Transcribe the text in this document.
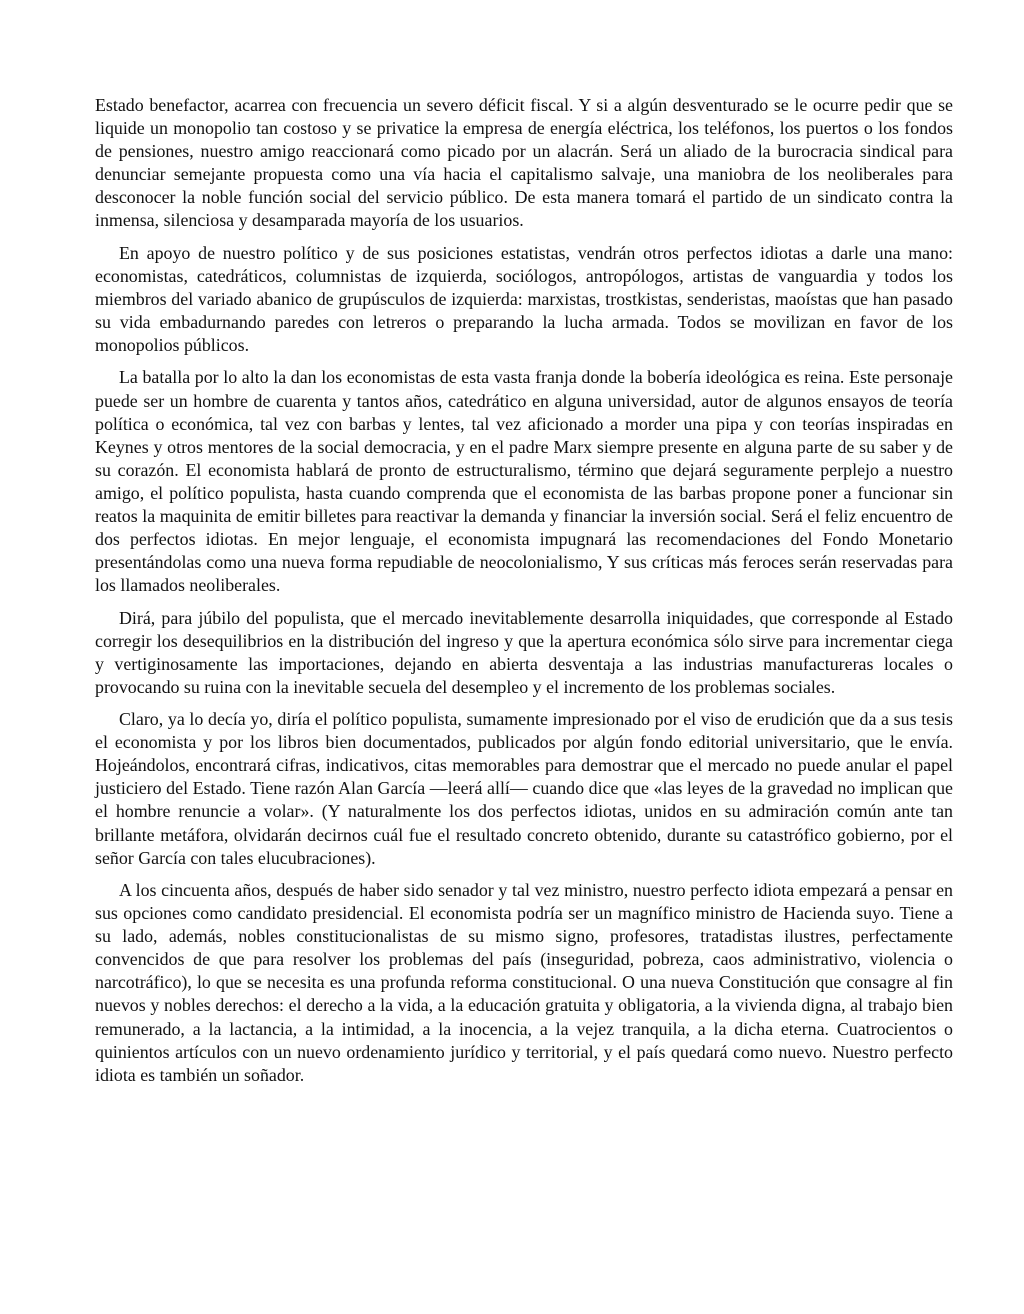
Estado benefactor, acarrea con frecuencia un severo déficit fiscal. Y si a algún desventurado se le ocurre pedir que se liquide un monopolio tan costoso y se privatice la empresa de energía eléctrica, los teléfonos, los puertos o los fondos de pensiones, nuestro amigo reaccionará como picado por un alacrán. Será un aliado de la burocracia sindical para denunciar semejante propuesta como una vía hacia el capitalismo salvaje, una maniobra de los neoliberales para desconocer la noble función social del servicio público. De esta manera tomará el partido de un sindicato contra la inmensa, silenciosa y desamparada mayoría de los usuarios.

En apoyo de nuestro político y de sus posiciones estatistas, vendrán otros perfectos idiotas a darle una mano: economistas, catedráticos, columnistas de izquierda, sociólogos, antropólogos, artistas de vanguardia y todos los miembros del variado abanico de grupúsculos de izquierda: marxistas, trostkistas, senderistas, maoístas que han pasado su vida embadurnando paredes con letreros o preparando la lucha armada. Todos se movilizan en favor de los monopolios públicos.

La batalla por lo alto la dan los economistas de esta vasta franja donde la bobería ideológica es reina. Este personaje puede ser un hombre de cuarenta y tantos años, catedrático en alguna universidad, autor de algunos ensayos de teoría política o económica, tal vez con barbas y lentes, tal vez aficionado a morder una pipa y con teorías inspiradas en Keynes y otros mentores de la social democracia, y en el padre Marx siempre presente en alguna parte de su saber y de su corazón. El economista hablará de pronto de estructuralismo, término que dejará seguramente perplejo a nuestro amigo, el político populista, hasta cuando comprenda que el economista de las barbas propone poner a funcionar sin reatos la maquinita de emitir billetes para reactivar la demanda y financiar la inversión social. Será el feliz encuentro de dos perfectos idiotas. En mejor lenguaje, el economista impugnará las recomendaciones del Fondo Monetario presentándolas como una nueva forma repudiable de neocolonialismo, Y sus críticas más feroces serán reservadas para los llamados neoliberales.

Dirá, para júbilo del populista, que el mercado inevitablemente desarrolla iniquidades, que corresponde al Estado corregir los desequilibrios en la distribución del ingreso y que la apertura económica sólo sirve para incrementar ciega y vertiginosamente las importaciones, dejando en abierta desventaja a las industrias manufactureras locales o provocando su ruina con la inevitable secuela del desempleo y el incremento de los problemas sociales.

Claro, ya lo decía yo, diría el político populista, sumamente impresionado por el viso de erudición que da a sus tesis el economista y por los libros bien documentados, publicados por algún fondo editorial universitario, que le envía. Hojeándolos, encontrará cifras, indicativos, citas memorables para demostrar que el mercado no puede anular el papel justiciero del Estado. Tiene razón Alan García —leerá allí— cuando dice que «las leyes de la gravedad no implican que el hombre renuncie a volar». (Y naturalmente los dos perfectos idiotas, unidos en su admiración común ante tan brillante metáfora, olvidarán decirnos cuál fue el resultado concreto obtenido, durante su catastrófico gobierno, por el señor García con tales elucubraciones).

A los cincuenta años, después de haber sido senador y tal vez ministro, nuestro perfecto idiota empezará a pensar en sus opciones como candidato presidencial. El economista podría ser un magnífico ministro de Hacienda suyo. Tiene a su lado, además, nobles constitucionalistas de su mismo signo, profesores, tratadistas ilustres, perfectamente convencidos de que para resolver los problemas del país (inseguridad, pobreza, caos administrativo, violencia o narcotráfico), lo que se necesita es una profunda reforma constitucional. O una nueva Constitución que consagre al fin nuevos y nobles derechos: el derecho a la vida, a la educación gratuita y obligatoria, a la vivienda digna, al trabajo bien remunerado, a la lactancia, a la intimidad, a la inocencia, a la vejez tranquila, a la dicha eterna. Cuatrocientos o quinientos artículos con un nuevo ordenamiento jurídico y territorial, y el país quedará como nuevo. Nuestro perfecto idiota es también un soñador.
